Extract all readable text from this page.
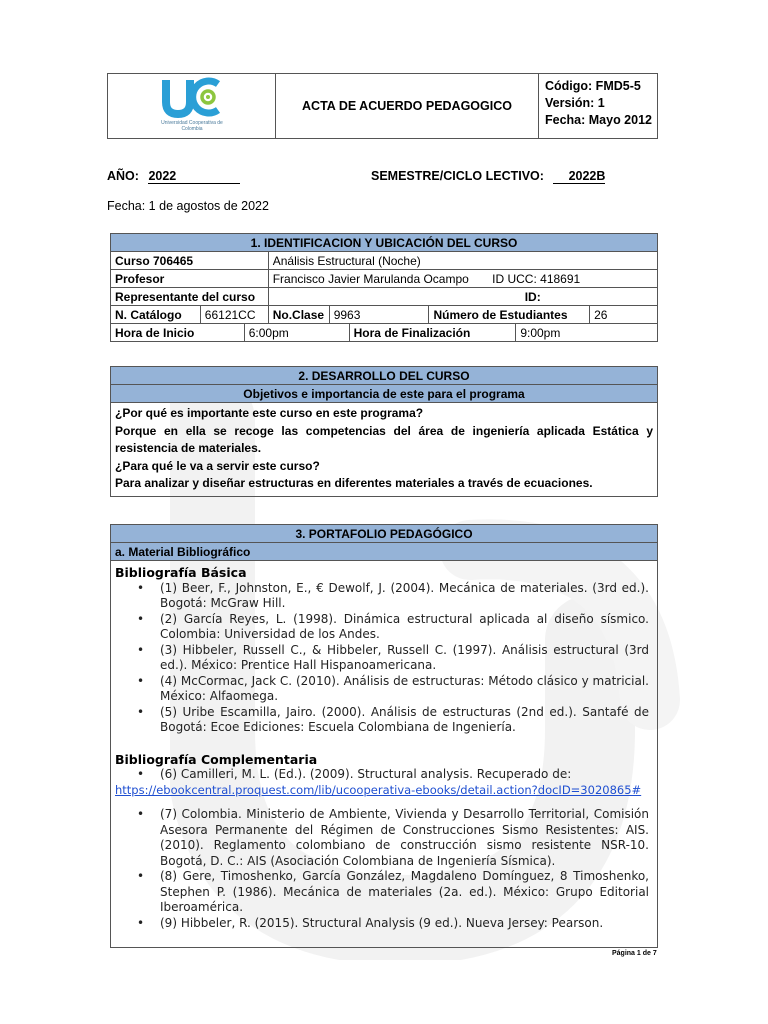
Universidad Cooperativa de Colombia
ACTA DE ACUERDO PEDAGOGICO
Código: FMD5-5
Versión: 1
Fecha: Mayo 2012
AÑO: 2022	SEMESTRE/CICLO LECTIVO: 2022B
Fecha: 1 de agostos de 2022
1. IDENTIFICACION Y UBICACIÓN DEL CURSO								
Curso 706465			Análisis Estructural (Noche)					
Profesor			Francisco Javier Marulanda Ocampo ID UCC: 418691					
Representante del curso			ID:					
N. Catálogo	66121CC		No.Clase	9963		Número de Estudiantes		26
Hora de Inicio		6:00pm			Hora de Finalización		9:00pm	
2. DESARROLLO DEL CURSO
Objetivos e importancia de este para el programa
¿Por qué es importante este curso en este programa?
Porque en ella se recoge las competencias del área de ingeniería aplicada Estática y resistencia de materiales.
¿Para qué le va a servir este curso?
Para analizar y diseñar estructuras en diferentes materiales a través de ecuaciones.
3. PORTAFOLIO PEDAGÓGICO
a. Material Bibliográfico
Bibliografía Básica
• (1) Beer, F., Johnston, E., € Dewolf, J. (2004). Mecánica de materiales. (3rd ed.). Bogotá: McGraw Hill.
• (2) García Reyes, L. (1998). Dinámica estructural aplicada al diseño sísmico. Colombia: Universidad de los Andes.
• (3) Hibbeler, Russell C., & Hibbeler, Russell C. (1997). Análisis estructural (3rd ed.). México: Prentice Hall Hispanoamericana.
• (4) McCormac, Jack C. (2010). Análisis de estructuras: Método clásico y matricial. México: Alfaomega.
• (5) Uribe Escamilla, Jairo. (2000). Análisis de estructuras (2nd ed.). Santafé de Bogotá: Ecoe Ediciones: Escuela Colombiana de Ingeniería.
Bibliografía Complementaria
• (6) Camilleri, M. L. (Ed.). (2009). Structural analysis. Recuperado de:
https://ebookcentral.proquest.com/lib/ucooperativa-ebooks/detail.action?docID=3020865#
• (7) Colombia. Ministerio de Ambiente, Vivienda y Desarrollo Territorial, Comisión Asesora Permanente del Régimen de Construcciones Sismo Resistentes: AIS. (2010). Reglamento colombiano de construcción sismo resistente NSR-10. Bogotá, D. C.: AIS (Asociación Colombiana de Ingeniería Sísmica).
• (8) Gere, Timoshenko, García González, Magdaleno Domínguez, 8 Timoshenko, Stephen P. (1986). Mecánica de materiales (2a. ed.). México: Grupo Editorial Iberoamérica.
• (9) Hibbeler, R. (2015). Structural Analysis (9 ed.). Nueva Jersey: Pearson.
Página 1 de 7
